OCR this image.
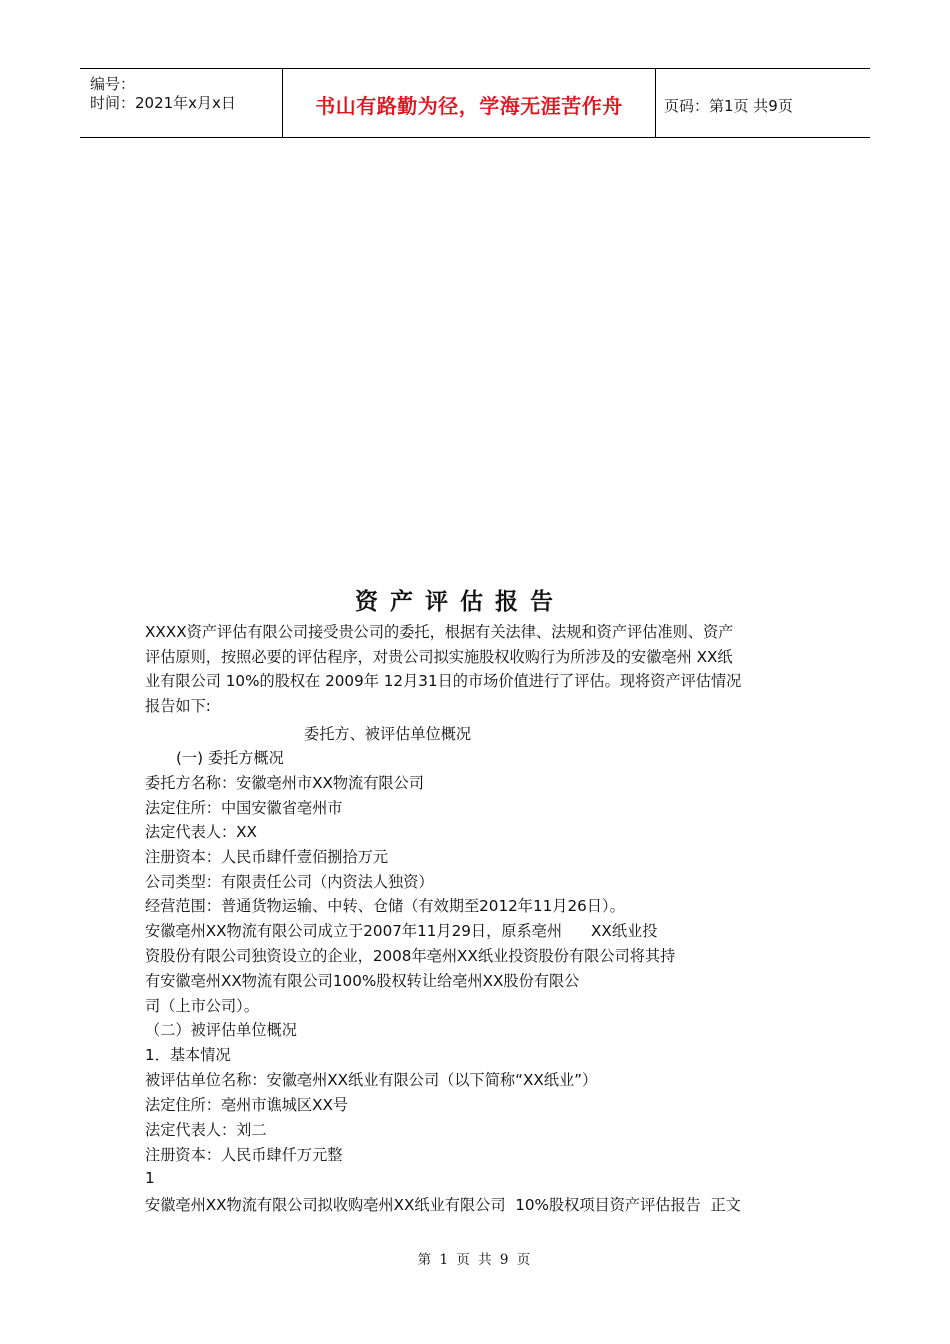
编号：
时间：2021年x月x日	书山有路勤为径，学海无涯苦作舟	页码：第1页 共9页
资产评估报告
XXXX资产评估有限公司接受贵公司的委托，根据有关法律、法规和资产评估准则、资产
评估原则，按照必要的评估程序，对贵公司拟实施股权收购行为所涉及的安徽亳州 XX纸
业有限公司 10%的股权在 2009年 12月31日的市场价值进行了评估。现将资产评估情况
报告如下:
委托方、被评估单位概况
(一) 委托方概况
委托方名称：安徽亳州市XX物流有限公司
法定住所：中国安徽省亳州市
法定代表人：XX
注册资本：人民币肆仟壹佰捌拾万元
公司类型：有限责任公司（内资法人独资）
经营范围：普通货物运输、中转、仓储（有效期至2012年11月26日）。
安徽亳州XX物流有限公司成立于2007年11月29日，原系亳州      XX纸业投
资股份有限公司独资设立的企业，2008年亳州XX纸业投资股份有限公司将其持
有安徽亳州XX物流有限公司100%股权转让给亳州XX股份有限公
司（上市公司）。
（二）被评估单位概况
1．基本情况
被评估单位名称：安徽亳州XX纸业有限公司（以下简称“XX纸业”）
法定住所：亳州市谯城区XX号
法定代表人：刘二
注册资本：人民币肆仟万元整
1
安徽亳州XX物流有限公司拟收购亳州XX纸业有限公司  10%股权项目资产评估报告  正文
第 1 页 共 9 页
